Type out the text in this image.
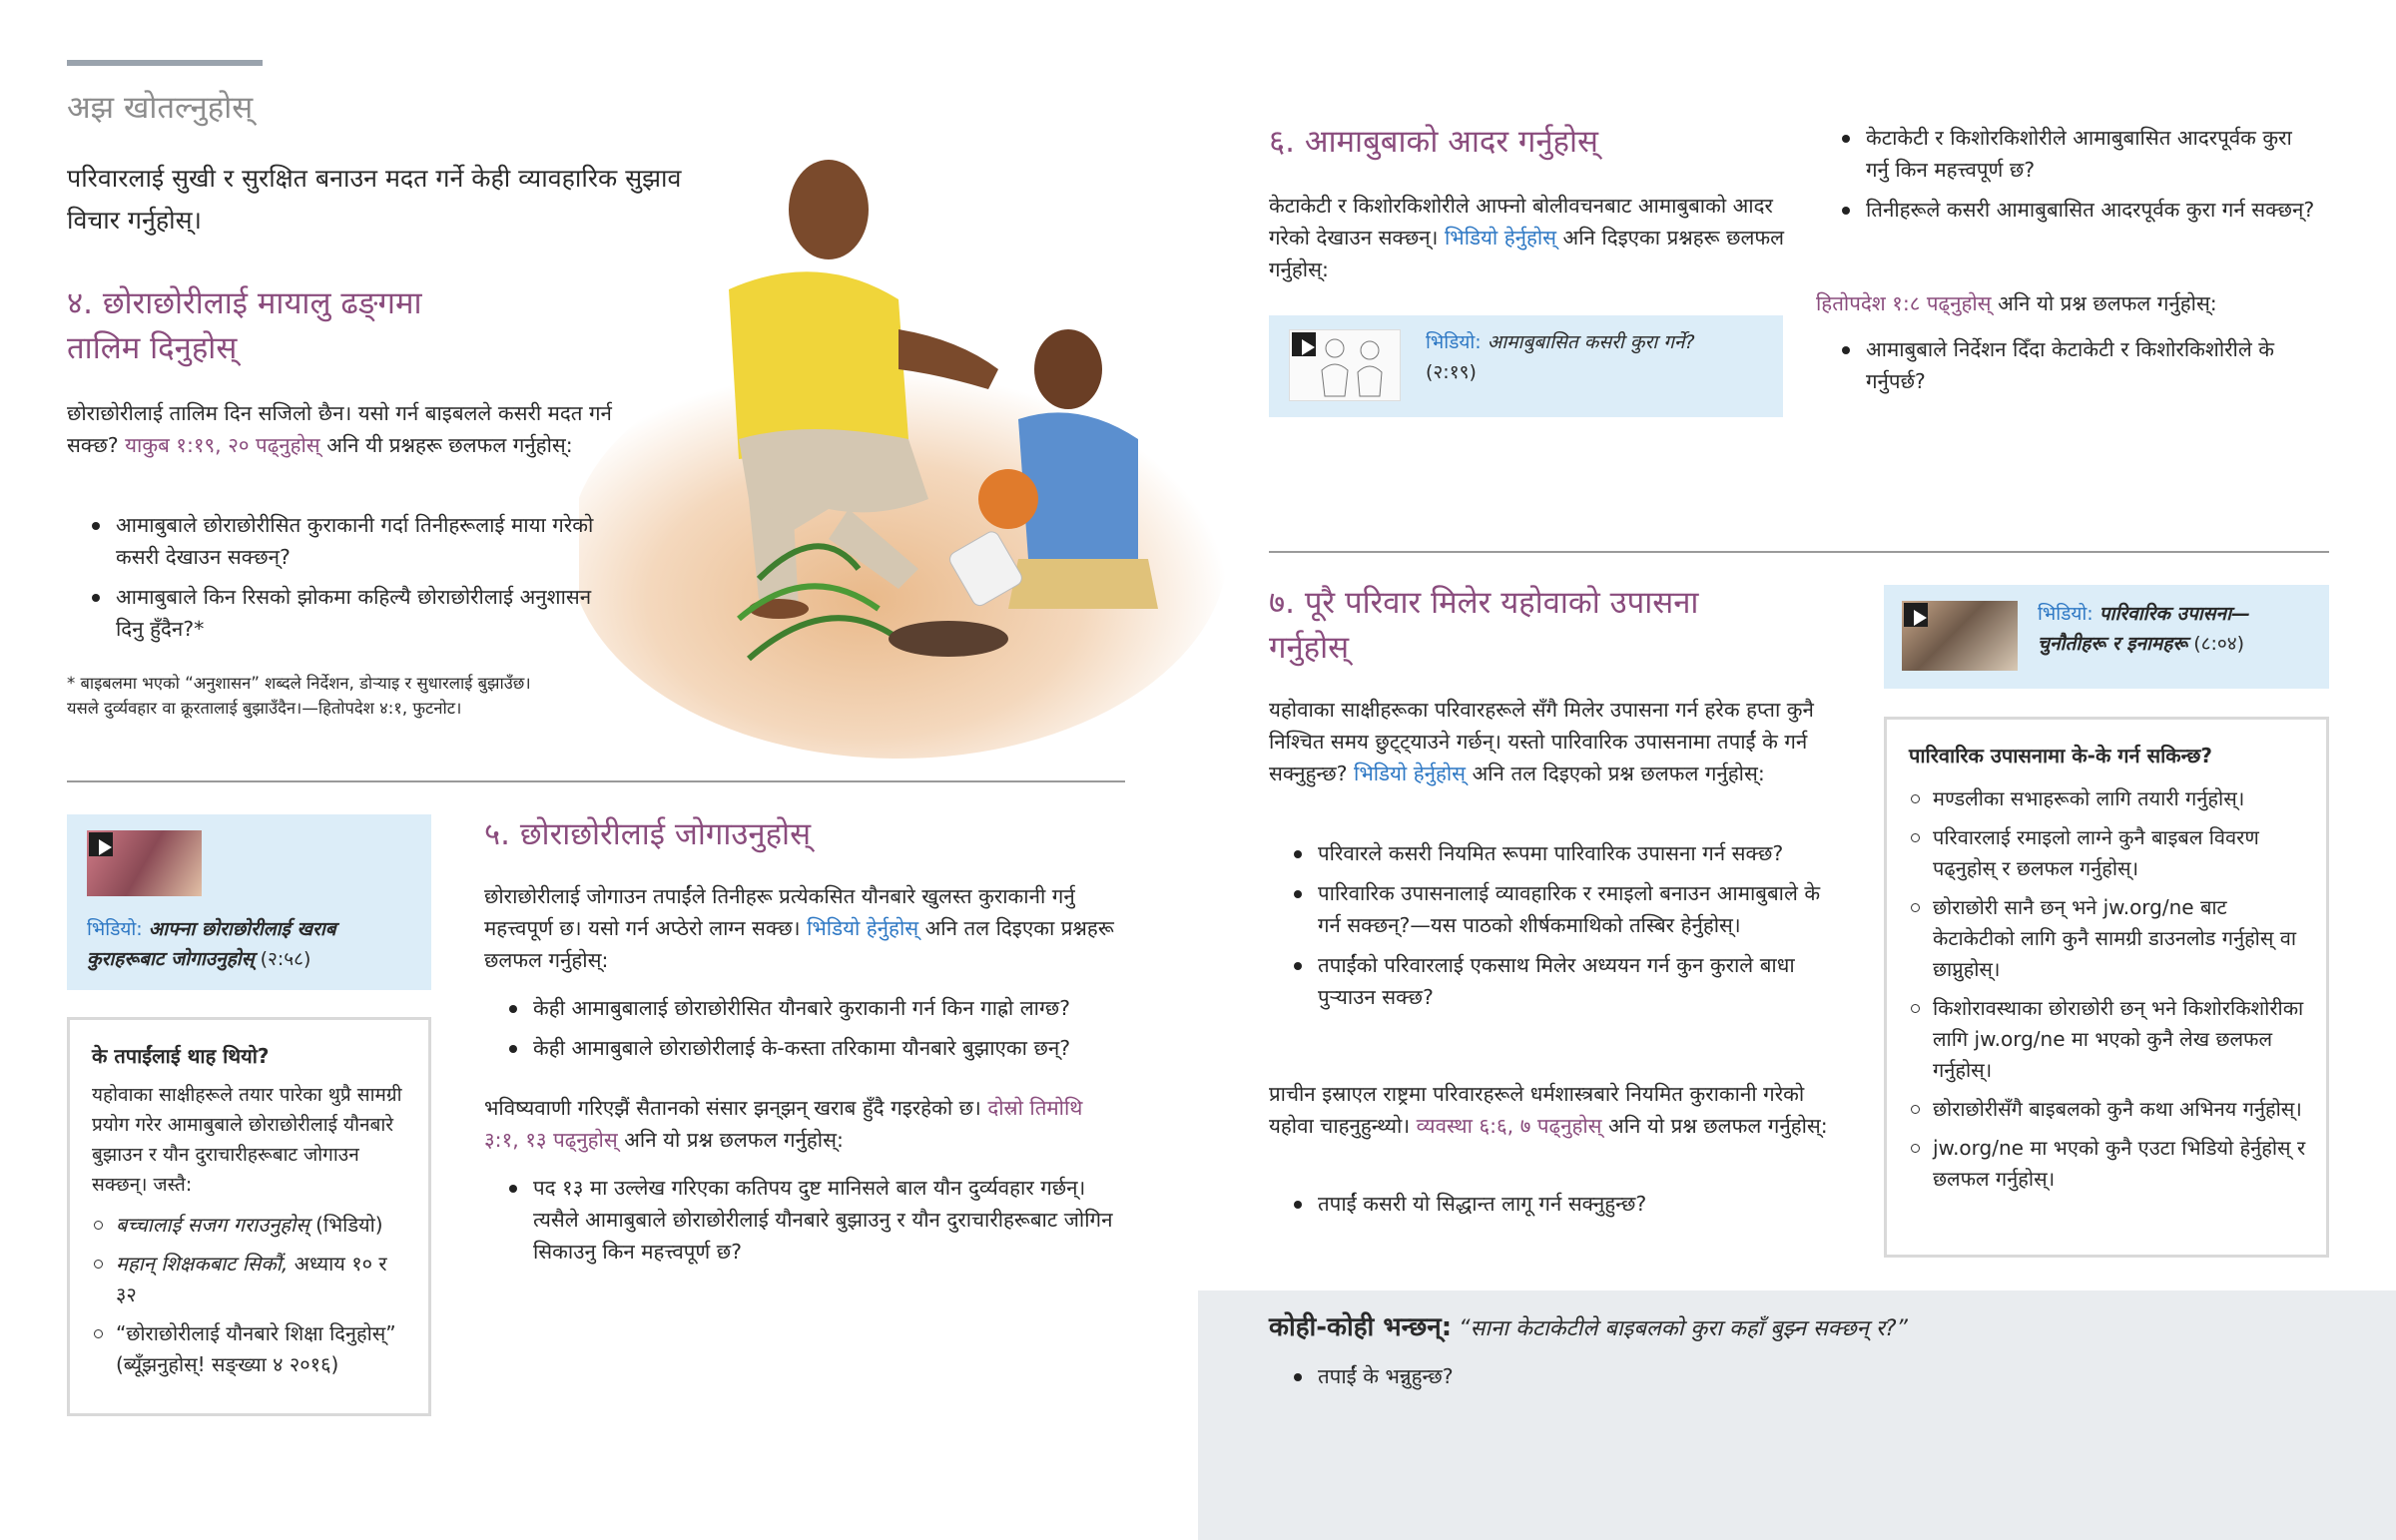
अझ खोतल्नुहोस्
परिवारलाई सुखी र सुरक्षित बनाउन मदत गर्ने केही व्यावहारिक सुझाव विचार गर्नुहोस्।
४. छोराछोरीलाई मायालु ढङ्‌गमा
तालिम दिनुहोस्
छोराछोरीलाई तालिम दिन सजिलो छैन। यसो गर्न बाइबलले कसरी मदत गर्न सक्छ? याकुब १:१९, २० पढ्नुहोस् अनि यी प्रश्नहरू छलफल गर्नुहोस्:
आमाबुबाले छोराछोरीसित कुराकानी गर्दा तिनीहरूलाई माया गरेको कसरी देखाउन सक्छन्?
आमाबुबाले किन रिसको झोकमा कहिल्यै छोराछोरीलाई अनुशासन दिनु हुँदैन?*
* बाइबलमा भएको “अनुशासन” शब्दले निर्देशन, डोऱ्याइ र सुधारलाई बुझाउँछ। यसले दुर्व्यवहार वा क्रूरतालाई बुझाउँदैन।—हितोपदेश ४:१, फुटनोट।
भिडियो: आफ्ना छोराछोरीलाई खराब कुराहरूबाट जोगाउनुहोस् (२:५८)
के तपाईंलाई थाह थियो?
यहोवाका साक्षीहरूले तयार पारेका थुप्रै सामग्री प्रयोग गरेर आमाबुबाले छोराछोरीलाई यौनबारे बुझाउन र यौन दुराचारीहरूबाट जोगाउन सक्छन्। जस्तै:
बच्चालाई सजग गराउनुहोस् (भिडियो)
महान् शिक्षकबाट सिकौं, अध्याय १० र ३२
“छोराछोरीलाई यौनबारे शिक्षा दिनुहोस्” (ब्यूँझनुहोस्! सङ्ख्या ४ २०१६)
५. छोराछोरीलाई जोगाउनुहोस्
छोराछोरीलाई जोगाउन तपाईंले तिनीहरू प्रत्येकसित यौनबारे खुलस्त कुराकानी गर्नु महत्त्वपूर्ण छ। यसो गर्न अप्ठेरो लाग्न सक्छ। भिडियो हेर्नुहोस् अनि तल दिइएका प्रश्नहरू छलफल गर्नुहोस्:
केही आमाबुबालाई छोराछोरीसित यौनबारे कुराकानी गर्न किन गाह्रो लाग्छ?
केही आमाबुबाले छोराछोरीलाई के-कस्ता तरिकामा यौनबारे बुझाएका छन्?
भविष्यवाणी गरिएझैं सैतानको संसार झन्‌झन् खराब हुँदै गइरहेको छ। दोस्रो तिमोथि ३:१, १३ पढ्नुहोस् अनि यो प्रश्न छलफल गर्नुहोस्:
पद १३ मा उल्लेख गरिएका कतिपय दुष्ट मानिसले बाल यौन दुर्व्यवहार गर्छन्। त्यसैले आमाबुबाले छोराछोरीलाई यौनबारे बुझाउनु र यौन दुराचारीहरूबाट जोगिन सिकाउनु किन महत्त्वपूर्ण छ?
६. आमाबुबाको आदर गर्नुहोस्
केटाकेटी र किशोरकिशोरीले आफ्नो बोलीवचनबाट आमाबुबाको आदर गरेको देखाउन सक्छन्। भिडियो हेर्नुहोस् अनि दिइएका प्रश्नहरू छलफल गर्नुहोस्:
भिडियो: आमाबुबासित कसरी कुरा गर्ने?
(२:१९)
केटाकेटी र किशोरकिशोरीले आमाबुबासित आदरपूर्वक कुरा गर्नु किन महत्त्वपूर्ण छ?
तिनीहरूले कसरी आमाबुबासित आदरपूर्वक कुरा गर्न सक्छन्?
हितोपदेश १:८ पढ्नुहोस् अनि यो प्रश्न छलफल गर्नुहोस्:
आमाबुबाले निर्देशन दिँदा केटाकेटी र किशोरकिशोरीले के गर्नुपर्छ?
७. पूरै परिवार मिलेर यहोवाको उपासना
गर्नुहोस्
यहोवाका साक्षीहरूका परिवारहरूले सँगै मिलेर उपासना गर्न हरेक हप्ता कुनै निश्चित समय छुट्ट्याउने गर्छन्। यस्तो पारिवारिक उपासनामा तपाईं के गर्न सक्नुहुन्छ? भिडियो हेर्नुहोस् अनि तल दिइएको प्रश्न छलफल गर्नुहोस्:
परिवारले कसरी नियमित रूपमा पारिवारिक उपासना गर्न सक्छ?
पारिवारिक उपासनालाई व्यावहारिक र रमाइलो बनाउन आमाबुबाले के गर्न सक्छन्?—यस पाठको शीर्षकमाथिको तस्बिर हेर्नुहोस्।
तपाईंको परिवारलाई एकसाथ मिलेर अध्ययन गर्न कुन कुराले बाधा पुऱ्याउन सक्छ?
प्राचीन इस्राएल राष्ट्रमा परिवारहरूले धर्मशास्त्रबारे नियमित कुराकानी गरेको यहोवा चाहनुहुन्थ्यो। व्यवस्था ६:६, ७ पढ्नुहोस् अनि यो प्रश्न छलफल गर्नुहोस्:
तपाईं कसरी यो सिद्धान्त लागू गर्न सक्नुहुन्छ?
भिडियो: पारिवारिक उपासना—चुनौतीहरू र इनामहरू (८:०४)
पारिवारिक उपासनामा के-के गर्न सकिन्छ?
मण्डलीका सभाहरूको लागि तयारी गर्नुहोस्।
परिवारलाई रमाइलो लाग्ने कुनै बाइबल विवरण पढ्नुहोस् र छलफल गर्नुहोस्।
छोराछोरी सानै छन् भने jw.org/ne बाट केटाकेटीको लागि कुनै सामग्री डाउनलोड गर्नुहोस् वा छाप्नुहोस्।
किशोरावस्थाका छोराछोरी छन् भने किशोरकिशोरीका लागि jw.org/ne मा भएको कुनै लेख छलफल गर्नुहोस्।
छोराछोरीसँगै बाइबलको कुनै कथा अभिनय गर्नुहोस्।
jw.org/ne मा भएको कुनै एउटा भिडियो हेर्नुहोस् र छलफल गर्नुहोस्।
कोही-कोही भन्छन्: “साना केटाकेटीले बाइबलको कुरा कहाँ बुझ्न सक्छन् र?”
तपाईं के भन्नुहुन्छ?
